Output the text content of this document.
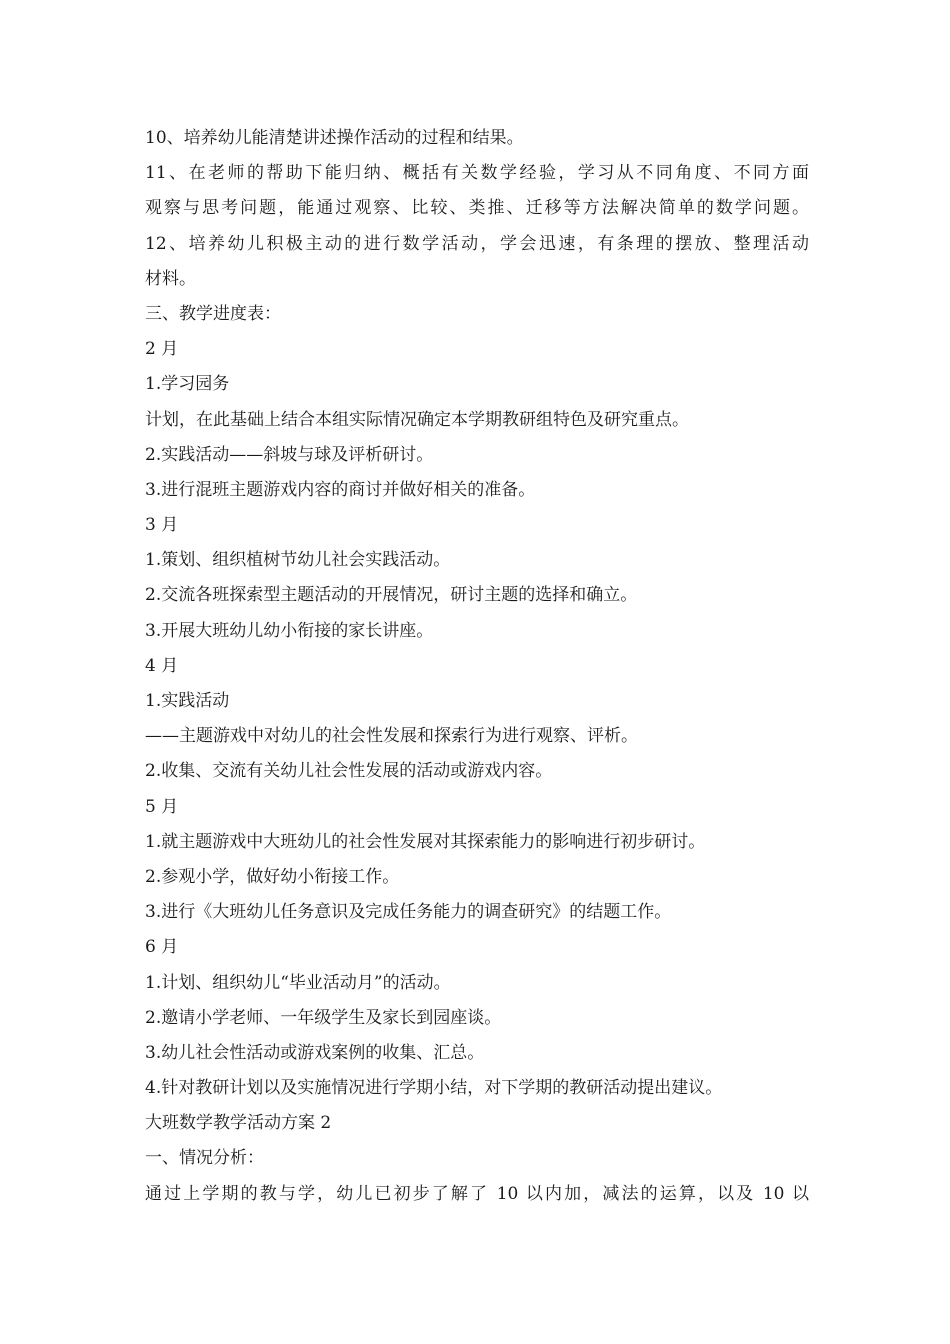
10、培养幼儿能清楚讲述操作活动的过程和结果。
11、在老师的帮助下能归纳、概括有关数学经验，学习从不同角度、不同方面
观察与思考问题，能通过观察、比较、类推、迁移等方法解决简单的数学问题。
12、培养幼儿积极主动的进行数学活动，学会迅速，有条理的摆放、整理活动
材料。
三、教学进度表：
2 月
1.学习园务
计划，在此基础上结合本组实际情况确定本学期教研组特色及研究重点。
2.实践活动——斜坡与球及评析研讨。
3.进行混班主题游戏内容的商讨并做好相关的准备。
3 月
1.策划、组织植树节幼儿社会实践活动。
2.交流各班探索型主题活动的开展情况，研讨主题的选择和确立。
3.开展大班幼儿幼小衔接的家长讲座。
4 月
1.实践活动
——主题游戏中对幼儿的社会性发展和探索行为进行观察、评析。
2.收集、交流有关幼儿社会性发展的活动或游戏内容。
5 月
1.就主题游戏中大班幼儿的社会性发展对其探索能力的影响进行初步研讨。
2.参观小学，做好幼小衔接工作。
3.进行《大班幼儿任务意识及完成任务能力的调查研究》的结题工作。
6 月
1.计划、组织幼儿“毕业活动月”的活动。
2.邀请小学老师、一年级学生及家长到园座谈。
3.幼儿社会性活动或游戏案例的收集、汇总。
4.针对教研计划以及实施情况进行学期小结，对下学期的教研活动提出建议。
大班数学教学活动方案 2
一、情况分析：
通过上学期的教与学，幼儿已初步了解了 10 以内加，减法的运算，以及 10 以
